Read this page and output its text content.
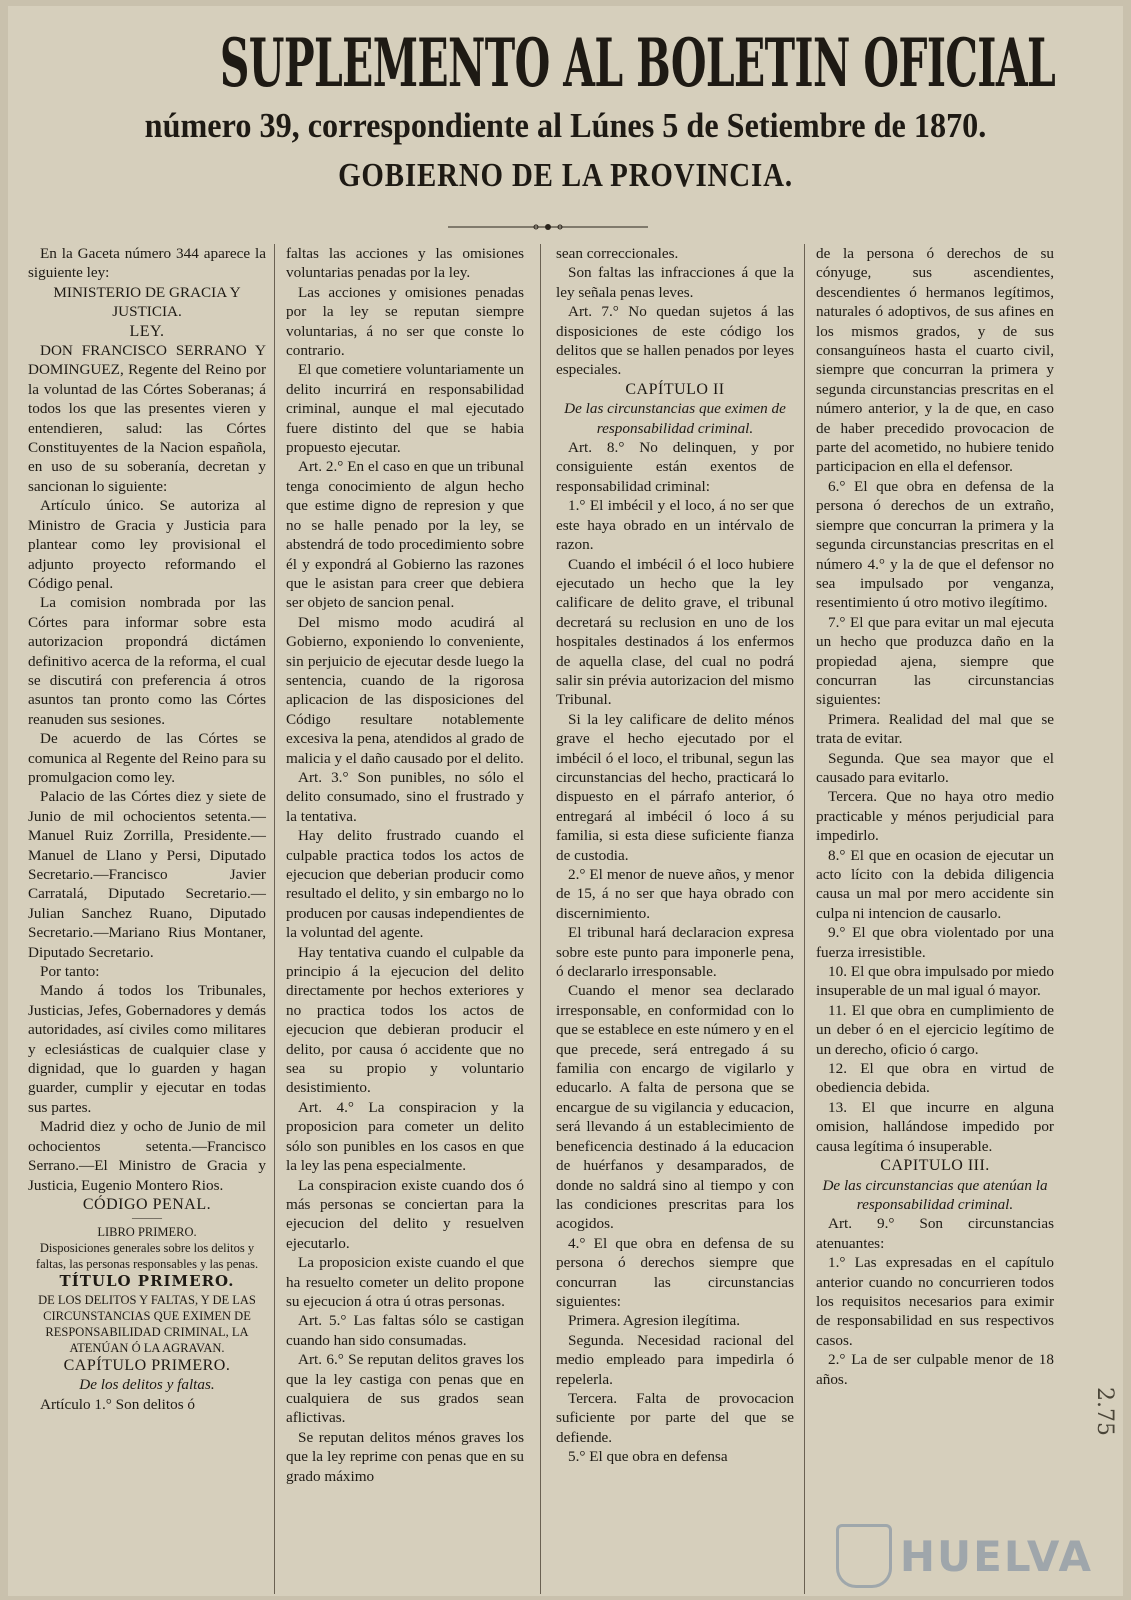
SUPLEMENTO AL BOLETIN OFICIAL
número 39, correspondiente al Lúnes 5 de Setiembre de 1870.
GOBIERNO DE LA PROVINCIA.

En la Gaceta número 344 aparece la siguiente ley:

MINISTERIO DE GRACIA Y JUSTICIA.

LEY.

DON FRANCISCO SERRANO Y DOMINGUEZ, Regente del Reino por la voluntad de las Córtes Soberanas; á todos los que las presentes vieren y entendieren, salud: las Córtes Constituyentes de la Nacion española, en uso de su soberanía, decretan y sancionan lo siguiente:

Artículo único. Se autoriza al Ministro de Gracia y Justicia para plantear como ley provisional el adjunto proyecto reformando el Código penal.

La comision nombrada por las Córtes para informar sobre esta autorizacion propondrá dictámen definitivo acerca de la reforma, el cual se discutirá con preferencia á otros asuntos tan pronto como las Córtes reanuden sus sesiones.

De acuerdo de las Córtes se comunica al Regente del Reino para su promulgacion como ley.

Palacio de las Córtes diez y siete de Junio de mil ochocientos setenta.—Manuel Ruiz Zorrilla, Presidente.—Manuel de Llano y Persi, Diputado Secretario.—Francisco Javier Carratalá, Diputado Secretario.—Julian Sanchez Ruano, Diputado Secretario.—Mariano Rius Montaner, Diputado Secretario.

Por tanto:

Mando á todos los Tribunales, Justicias, Jefes, Gobernadores y demás autoridades, así civiles como militares y eclesiásticas de cualquier clase y dignidad, que lo guarden y hagan guarder, cumplir y ejecutar en todas sus partes.

Madrid diez y ocho de Junio de mil ochocientos setenta.—Francisco Serrano.—El Ministro de Gracia y Justicia, Eugenio Montero Rios.

CÓDIGO PENAL.

———

LIBRO PRIMERO.

Disposiciones generales sobre los delitos y faltas, las personas responsables y las penas.

TÍTULO PRIMERO.

DE LOS DELITOS Y FALTAS, Y DE LAS CIRCUNSTANCIAS QUE EXIMEN DE RESPONSABILIDAD CRIMINAL, LA ATENÚAN Ó LA AGRAVAN.

CAPÍTULO PRIMERO.

De los delitos y faltas.

Artículo 1.° Son delitos ó

faltas las acciones y las omisiones voluntarias penadas por la ley.

Las acciones y omisiones penadas por la ley se reputan siempre voluntarias, á no ser que conste lo contrario.

El que cometiere voluntariamente un delito incurrirá en responsabilidad criminal, aunque el mal ejecutado fuere distinto del que se habia propuesto ejecutar.

Art. 2.° En el caso en que un tribunal tenga conocimiento de algun hecho que estime digno de represion y que no se halle penado por la ley, se abstendrá de todo procedimiento sobre él y expondrá al Gobierno las razones que le asistan para creer que debiera ser objeto de sancion penal.

Del mismo modo acudirá al Gobierno, exponiendo lo conveniente, sin perjuicio de ejecutar desde luego la sentencia, cuando de la rigorosa aplicacion de las disposiciones del Código resultare notablemente excesiva la pena, atendidos al grado de malicia y el daño causado por el delito.

Art. 3.° Son punibles, no sólo el delito consumado, sino el frustrado y la tentativa.

Hay delito frustrado cuando el culpable practica todos los actos de ejecucion que deberian producir como resultado el delito, y sin embargo no lo producen por causas independientes de la voluntad del agente.

Hay tentativa cuando el culpable da principio á la ejecucion del delito directamente por hechos exteriores y no practica todos los actos de ejecucion que debieran producir el delito, por causa ó accidente que no sea su propio y voluntario desistimiento.

Art. 4.° La conspiracion y la proposicion para cometer un delito sólo son punibles en los casos en que la ley las pena especialmente.

La conspiracion existe cuando dos ó más personas se conciertan para la ejecucion del delito y resuelven ejecutarlo.

La proposicion existe cuando el que ha resuelto cometer un delito propone su ejecucion á otra ú otras personas.

Art. 5.° Las faltas sólo se castigan cuando han sido consumadas.

Art. 6.° Se reputan delitos graves los que la ley castiga con penas que en cualquiera de sus grados sean aflictivas.

Se reputan delitos ménos graves los que la ley reprime con penas que en su grado máximo

sean correccionales.

Son faltas las infracciones á que la ley señala penas leves.

Art. 7.° No quedan sujetos á las disposiciones de este código los delitos que se hallen penados por leyes especiales.

CAPÍTULO II

De las circunstancias que eximen de responsabilidad criminal.

Art. 8.° No delinquen, y por consiguiente están exentos de responsabilidad criminal:

1.° El imbécil y el loco, á no ser que este haya obrado en un intérvalo de razon.

Cuando el imbécil ó el loco hubiere ejecutado un hecho que la ley calificare de delito grave, el tribunal decretará su reclusion en uno de los hospitales destinados á los enfermos de aquella clase, del cual no podrá salir sin prévia autorizacion del mismo Tribunal.

Si la ley calificare de delito ménos grave el hecho ejecutado por el imbécil ó el loco, el tribunal, segun las circunstancias del hecho, practicará lo dispuesto en el párrafo anterior, ó entregará al imbécil ó loco á su familia, si esta diese suficiente fianza de custodia.

2.° El menor de nueve años, y menor de 15, á no ser que haya obrado con discernimiento.

El tribunal hará declaracion expresa sobre este punto para imponerle pena, ó declararlo irresponsable.

Cuando el menor sea declarado irresponsable, en conformidad con lo que se establece en este número y en el que precede, será entregado á su familia con encargo de vigilarlo y educarlo. A falta de persona que se encargue de su vigilancia y educacion, será llevando á un establecimiento de beneficencia destinado á la educacion de huérfanos y desamparados, de donde no saldrá sino al tiempo y con las condiciones prescritas para los acogidos.

4.° El que obra en defensa de su persona ó derechos siempre que concurran las circunstancias siguientes:

Primera. Agresion ilegítima.

Segunda. Necesidad racional del medio empleado para impedirla ó repelerla.

Tercera. Falta de provocacion suficiente por parte del que se defiende.

5.° El que obra en defensa

de la persona ó derechos de su cónyuge, sus ascendientes, descendientes ó hermanos legítimos, naturales ó adoptivos, de sus afines en los mismos grados, y de sus consanguíneos hasta el cuarto civil, siempre que concurran la primera y segunda circunstancias prescritas en el número anterior, y la de que, en caso de haber precedido provocacion de parte del acometido, no hubiere tenido participacion en ella el defensor.

6.° El que obra en defensa de la persona ó derechos de un extraño, siempre que concurran la primera y la segunda circunstancias prescritas en el número 4.° y la de que el defensor no sea impulsado por venganza, resentimiento ú otro motivo ilegítimo.

7.° El que para evitar un mal ejecuta un hecho que produzca daño en la propiedad ajena, siempre que concurran las circunstancias siguientes:

Primera. Realidad del mal que se trata de evitar.

Segunda. Que sea mayor que el causado para evitarlo.

Tercera. Que no haya otro medio practicable y ménos perjudicial para impedirlo.

8.° El que en ocasion de ejecutar un acto lícito con la debida diligencia causa un mal por mero accidente sin culpa ni intencion de causarlo.

9.° El que obra violentado por una fuerza irresistible.

10. El que obra impulsado por miedo insuperable de un mal igual ó mayor.

11. El que obra en cumplimiento de un deber ó en el ejercicio legítimo de un derecho, oficio ó cargo.

12. El que obra en virtud de obediencia debida.

13. El que incurre en alguna omision, hallándose impedido por causa legítima ó insuperable.

CAPITULO III.

De las circunstancias que atenúan la responsabilidad criminal.

Art. 9.° Son circunstancias atenuantes:

1.° Las expresadas en el capítulo anterior cuando no concurrieren todos los requisitos necesarios para eximir de responsabilidad en sus respectivos casos.

2.° La de ser culpable menor de 18 años.

2.75
HUELVA
